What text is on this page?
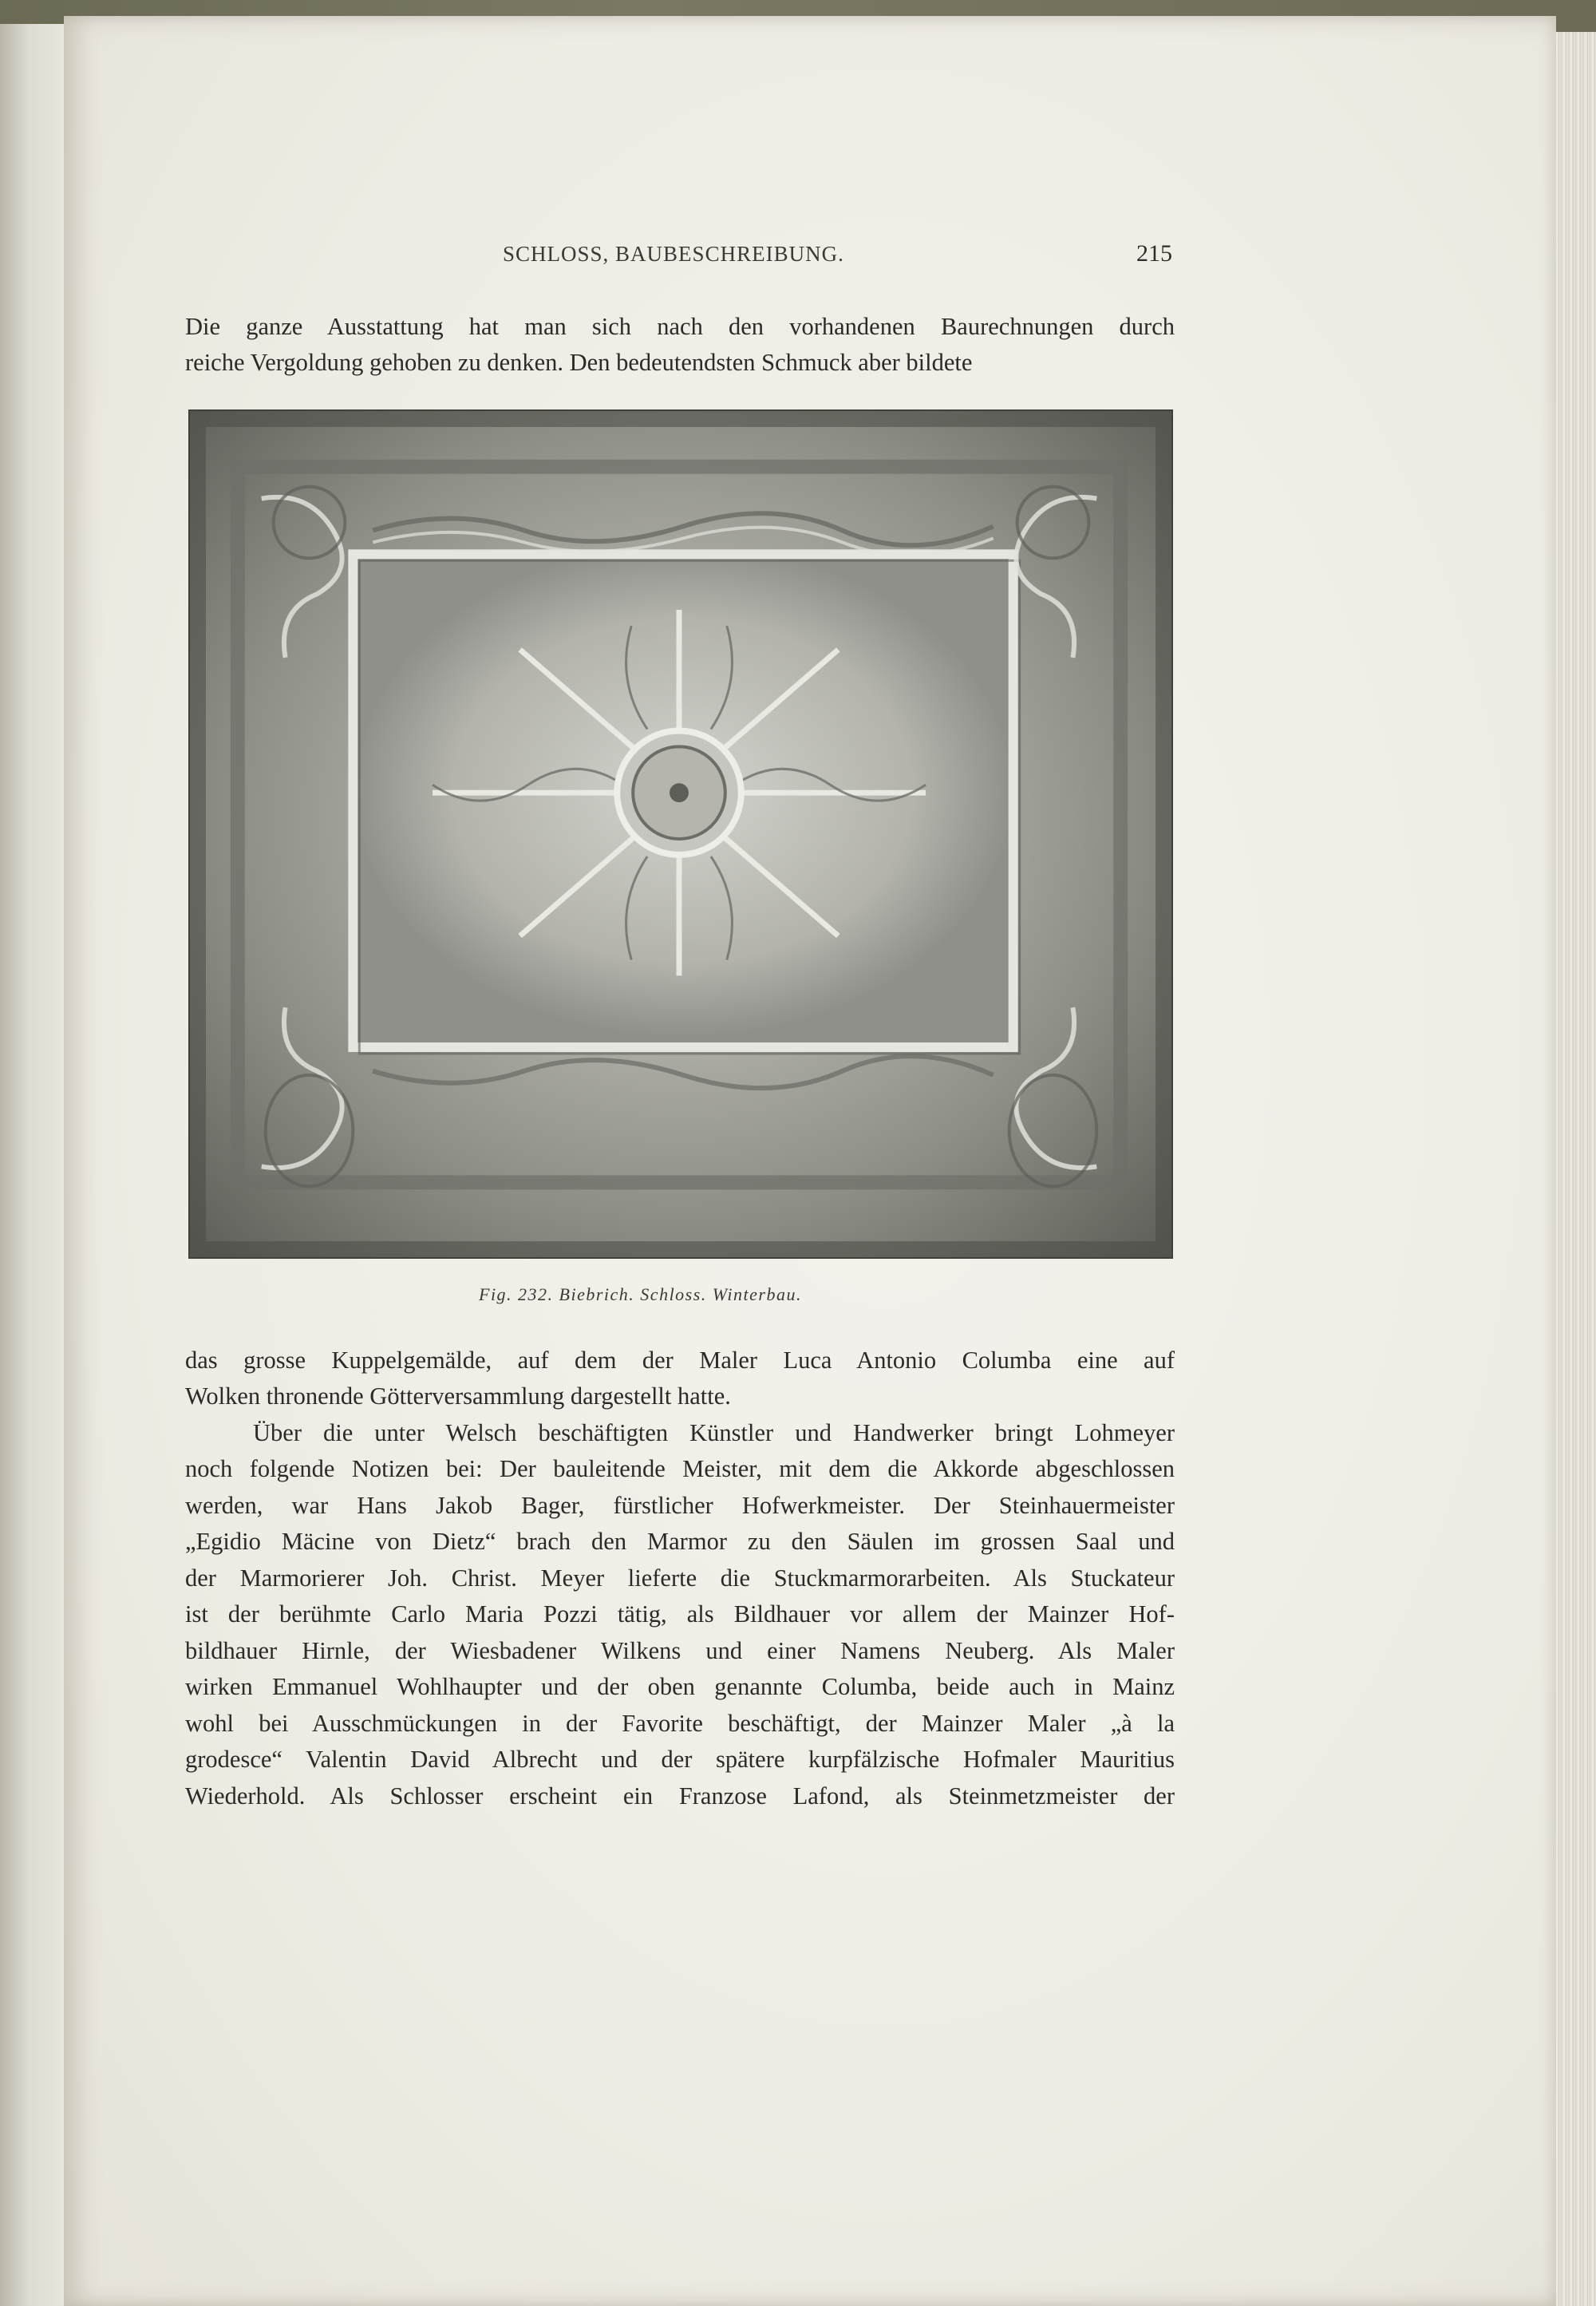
SCHLOSS, BAUBESCHREIBUNG.	215

Die ganze Ausstattung hat man sich nach den vorhandenen Baurechnungen durch

reiche Vergoldung gehoben zu denken. Den bedeutendsten Schmuck aber bildete

Fig. 232. Biebrich. Schloss. Winterbau.

das grosse Kuppelgemälde, auf dem der Maler Luca Antonio Columba eine auf

Wolken thronende Götterversammlung dargestellt hatte.

Über die unter Welsch beschäftigten Künstler und Handwerker bringt Lohmeyer

noch folgende Notizen bei: Der bauleitende Meister, mit dem die Akkorde abgeschlossen

werden, war Hans Jakob Bager, fürstlicher Hofwerkmeister. Der Steinhauermeister

„Egidio Mäcine von Dietz“ brach den Marmor zu den Säulen im grossen Saal und

der Marmorierer Joh. Christ. Meyer lieferte die Stuckmarmorarbeiten. Als Stuckateur

ist der berühmte Carlo Maria Pozzi tätig, als Bildhauer vor allem der Mainzer Hof-

bildhauer Hirnle, der Wiesbadener Wilkens und einer Namens Neuberg. Als Maler

wirken Emmanuel Wohlhaupter und der oben genannte Columba, beide auch in Mainz

wohl bei Ausschmückungen in der Favorite beschäftigt, der Mainzer Maler „à la

grodesce“ Valentin David Albrecht und der spätere kurpfälzische Hofmaler Mauritius

Wiederhold. Als Schlosser erscheint ein Franzose Lafond, als Steinmetzmeister der
